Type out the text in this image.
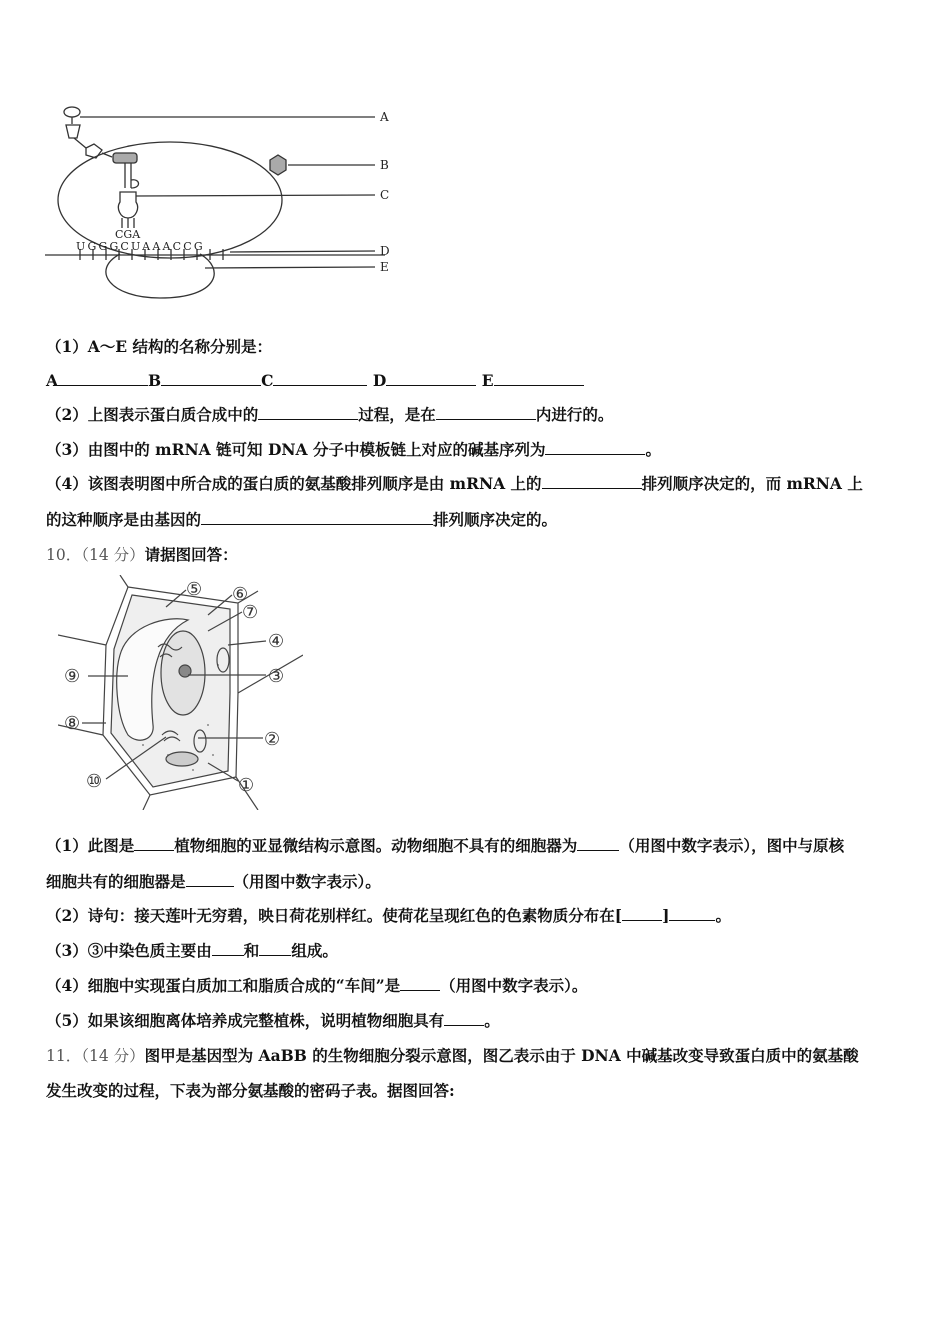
A
B
C
D
E
CGA
UGGGCUAAACCG
（1）A～E 结构的名称分别是：
A	B	C	D	E
（2）上图表示蛋白质合成中的	过程，是在	内进行的。
（3）由图中的 mRNA 链可知 DNA 分子中模板链上对应的碱基序列为	。
（4）该图表明图中所合成的蛋白质的氨基酸排列顺序是由 mRNA 上的	排列顺序决定的，而 mRNA 上
的这种顺序是由基因的	排列顺序决定的。
10．（14 分）请据图回答：
⑤ ⑥
⑦
④
③
⑨
⑧
②
⑩	①
（1）此图是	植物细胞的亚显微结构示意图。动物细胞不具有的细胞器为	（用图中数字表示），图中与原核
细胞共有的细胞器是	（用图中数字表示）。
（2）诗句：接天莲叶无穷碧，映日荷花别样红。使荷花呈现红色的色素物质分布在[	]	。
（3）③中染色质主要由 和 组成。
（4）细胞中实现蛋白质加工和脂质合成的“车间”是	（用图中数字表示）。
（5）如果该细胞离体培养成完整植株，说明植物细胞具有	。
11．（14 分）图甲是基因型为 AaBB 的生物细胞分裂示意图，图乙表示由于 DNA 中碱基改变导致蛋白质中的氨基酸
发生改变的过程，下表为部分氨基酸的密码子表。据图回答:
